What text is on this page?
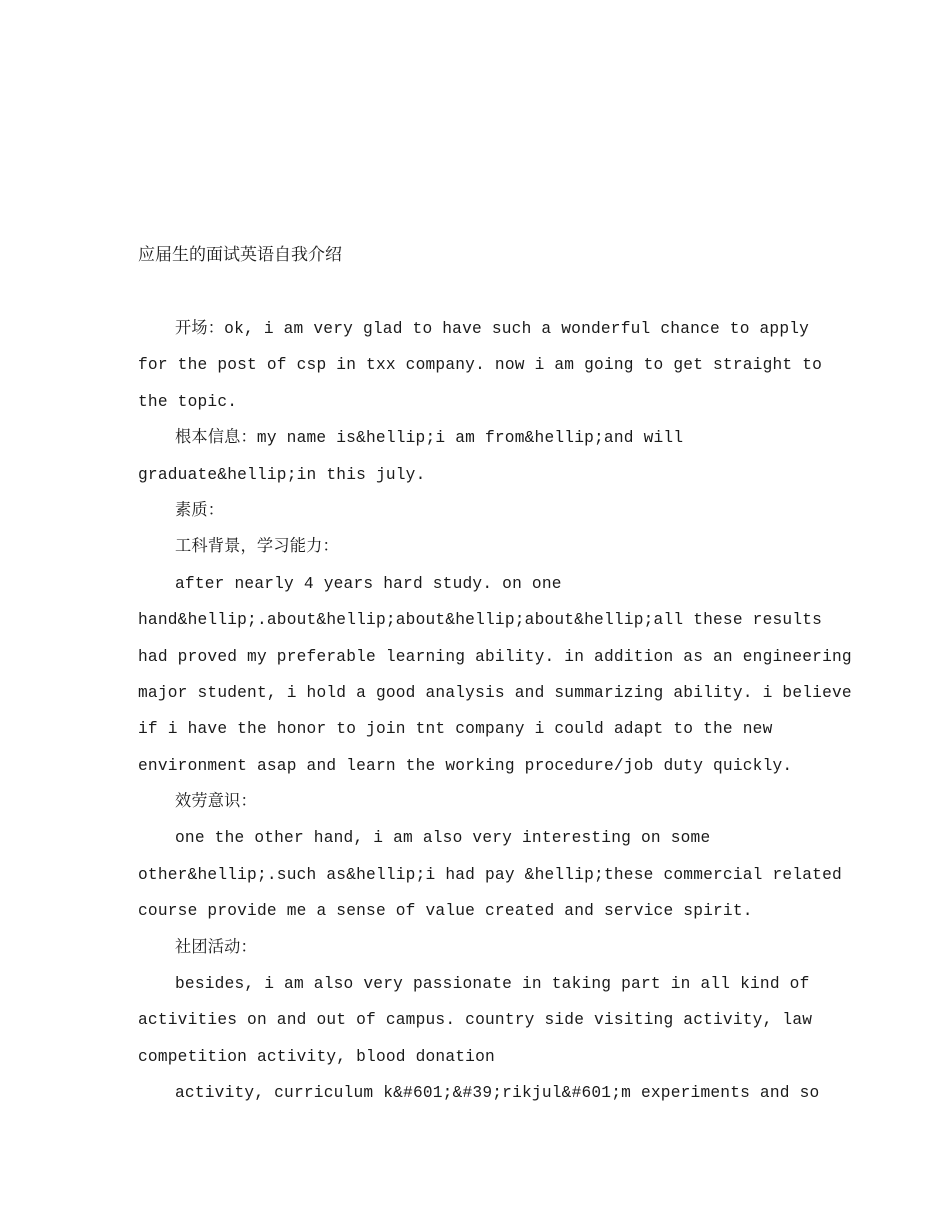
应届生的面试英语自我介绍
开场：ok, i am very glad to have such a wonderful chance to apply
for the post of csp in txx company. now i am going to get straight to
the topic.
根本信息：my name is&hellip;i am from&hellip;and will
graduate&hellip;in this july.
素质：
工科背景，学习能力：
after nearly 4 years hard study. on one
hand&hellip;.about&hellip;about&hellip;about&hellip;all these results
had proved my preferable learning ability. in addition as an engineering
major student, i hold a good analysis and summarizing ability. i believe
if i have the honor to join tnt company i could adapt to the new
environment asap and learn the working procedure/job duty quickly.
效劳意识：
one the other hand, i am also very interesting on some
other&hellip;.such as&hellip;i had pay &hellip;these commercial related
course provide me a sense of value created and service spirit.
社团活动：
besides, i am also very passionate in taking part in all kind of
activities on and out of campus. country side visiting activity, law
competition activity, blood donation
activity, curriculum k&#601;&#39;rikjul&#601;m experiments and so
